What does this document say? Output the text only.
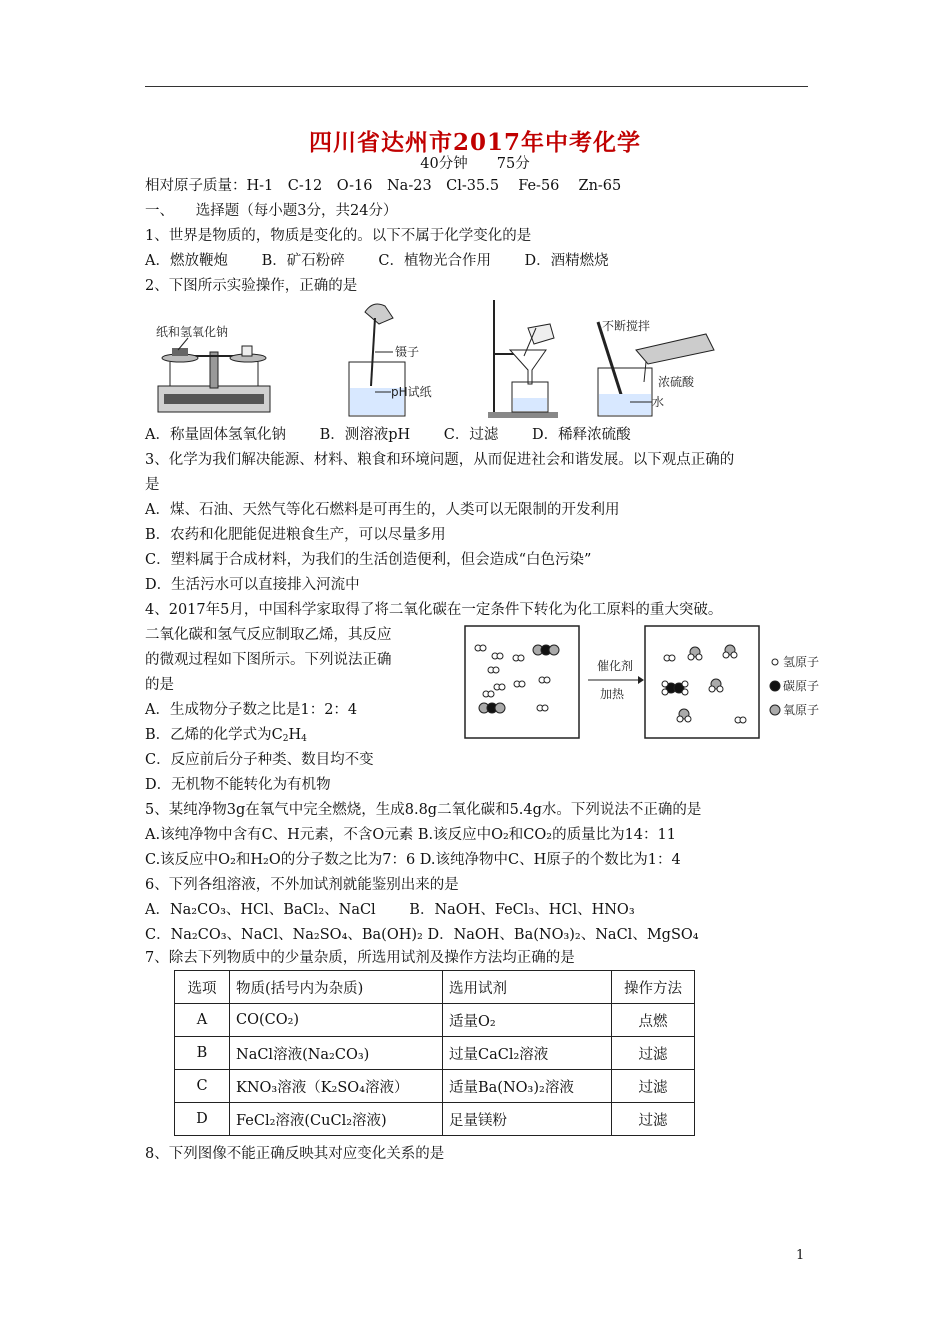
四川省达州市2017年中考化学
40分钟　　75分
相对原子质量：H-1　C-12　O-16　Na-23　Cl-35.5　 Fe-56　 Zn-65
一、　　选择题（每小题3分，共24分）
1、世界是物质的，物质是变化的。以下不属于化学变化的是
A．燃放鞭炮　　 B．矿石粉碎　　 C．植物光合作用　　 D．酒精燃烧
2、下图所示实验操作，正确的是
纸和氢氧化钠
镊子
pH试纸
不断搅拌
浓硫酸
水
A．称量固体氢氧化钠　　 B．测溶液pH　　 C．过滤　　 D．稀释浓硫酸
3、化学为我们解决能源、材料、粮食和环境问题，从而促进社会和谐发展。以下观点正确的
是
A．煤、石油、天然气等化石燃料是可再生的，人类可以无限制的开发利用
B．农药和化肥能促进粮食生产，可以尽量多用
C．塑料属于合成材料，为我们的生活创造便利，但会造成“白色污染”
D．生活污水可以直接排入河流中
4、2017年5月，中国科学家取得了将二氧化碳在一定条件下转化为化工原料的重大突破。
二氧化碳和氢气反应制取乙烯，其反应
的微观过程如下图所示。下列说法正确
的是
A．生成物分子数之比是1：2：4
B．乙烯的化学式为$C_2H_4$
C．反应前后分子种类、数目均不变
D．无机物不能转化为有机物
催化剂
加热
氢原子
碳原子
氧原子
5、某纯净物3g在氧气中完全燃烧，生成8.8g二氧化碳和5.4g水。下列说法不正确的是
A.该纯净物中含有C、H元素，不含O元素 B.该反应中O₂和CO₂的质量比为14：11
C.该反应中O₂和H₂O的分子数之比为7：6 D.该纯净物中C、H原子的个数比为1：4
6、下列各组溶液，不外加试剂就能鉴别出来的是
A．Na₂CO₃、HCl、BaCl₂、NaCl　　 B．NaOH、FeCl₃、HCl、HNO₃
C．Na₂CO₃、NaCl、Na₂SO₄、Ba(OH)₂ D．NaOH、Ba(NO₃)₂、NaCl、MgSO₄
7、除去下列物质中的少量杂质，所选用试剂及操作方法均正确的是
选项	物质(括号内为杂质)	选用试剂	操作方法
A	CO(CO₂)	适量O₂	点燃
B	NaCl溶液(Na₂CO₃)	过量CaCl₂溶液	过滤
C	KNO₃溶液（K₂SO₄溶液）	适量Ba(NO₃)₂溶液	过滤
D	FeCl₂溶液(CuCl₂溶液)	足量镁粉	过滤
8、下列图像不能正确反映其对应变化关系的是
1
